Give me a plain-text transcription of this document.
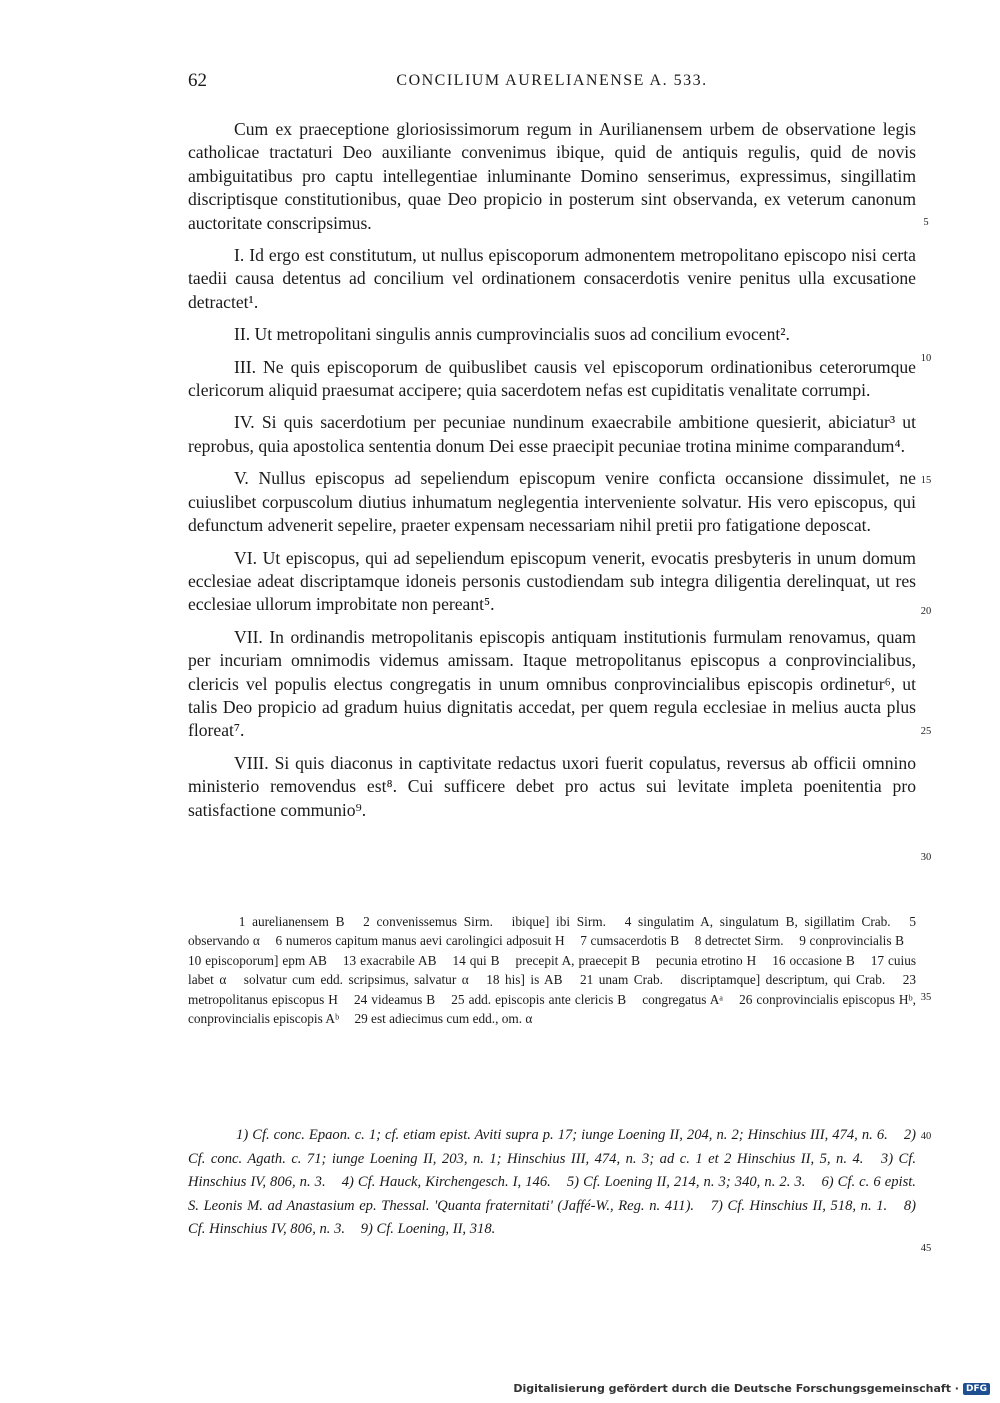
62	CONCILIUM AURELIANENSE A. 533.

Cum ex praeceptione gloriosissimorum regum in Aurilianensem urbem de observatione legis catholicae tractaturi Deo auxiliante convenimus ibique, quid de antiquis regulis, quid de novis ambiguitatibus pro captu intellegentiae inluminante Domino senserimus, expressimus, singillatim discriptisque constitutionibus, quae Deo propicio in posterum sint observanda, ex veterum canonum auctoritate conscripsimus.

I. Id ergo est constitutum, ut nullus episcoporum admonentem metropolitano episcopo nisi certa taedii causa detentus ad concilium vel ordinationem consacerdotis venire penitus ulla excusatione detractet¹.

II. Ut metropolitani singulis annis cumprovincialis suos ad concilium evocent².

III. Ne quis episcoporum de quibuslibet causis vel episcoporum ordinationibus ceterorumque clericorum aliquid praesumat accipere; quia sacerdotem nefas est cupiditatis venalitate corrumpi.

IV. Si quis sacerdotium per pecuniae nundinum exaecrabile ambitione quesierit, abiciatur³ ut reprobus, quia apostolica sententia donum Dei esse praecipit pecuniae trotina minime comparandum⁴.

V. Nullus episcopus ad sepeliendum episcopum venire conficta occansione dissimulet, ne cuiuslibet corpuscolum diutius inhumatum neglegentia interveniente solvatur. His vero episcopus, qui defunctum advenerit sepelire, praeter expensam necessariam nihil pretii pro fatigatione deposcat.

VI. Ut episcopus, qui ad sepeliendum episcopum venerit, evocatis presbyteris in unum domum ecclesiae adeat discriptamque idoneis personis custodiendam sub integra diligentia derelinquat, ut res ecclesiae ullorum improbitate non pereant⁵.

VII. In ordinandis metropolitanis episcopis antiquam institutionis furmulam renovamus, quam per incuriam omnimodis videmus amissam. Itaque metropolitanus episcopus a conprovincialibus, clericis vel populis electus congregatis in unum omnibus conprovincialibus episcopis ordinetur⁶, ut talis Deo propicio ad gradum huius dignitatis accedat, per quem regula ecclesiae in melius aucta plus floreat⁷.

VIII. Si quis diaconus in captivitate redactus uxori fuerit copulatus, reversus ab officii omnino ministerio removendus est⁸. Cui sufficere debet pro actus sui levitate impleta poenitentia pro satisfactione communio⁹.

5
10
15
20
25
30
35
40
45
1 aurelianensem B 2 convenissemus Sirm. ibique] ibi Sirm. 4 singulatim A, singulatum B, sigillatim Crab. 5 observando α 6 numeros capitum manus aevi carolingici adposuit H 7 cumsacerdotis B 8 detrectet Sirm. 9 conprovincialis B 10 episcoporum] epm AB 13 exacrabile AB 14 qui B precepit A, praecepit B pecunia etrotino H 16 occasione B 17 cuius labet α solvatur cum edd. scripsimus, salvatur α 18 his] is AB 21 unam Crab. discriptamque] descriptum, qui Crab. 23 metropolitanus episcopus H 24 videamus B 25 add. episcopis ante clericis B congregatus Aᵃ 26 conprovincialis episcopus Hᵇ, conprovincialis episcopis Aᵇ 29 est adiecimus cum edd., om. α
1) Cf. conc. Epaon. c. 1; cf. etiam epist. Aviti supra p. 17; iunge Loening II, 204, n. 2; Hinschius III, 474, n. 6. 2) Cf. conc. Agath. c. 71; iunge Loening II, 203, n. 1; Hinschius III, 474, n. 3; ad c. 1 et 2 Hinschius II, 5, n. 4. 3) Cf. Hinschius IV, 806, n. 3. 4) Cf. Hauck, Kirchengesch. I, 146. 5) Cf. Loening II, 214, n. 3; 340, n. 2. 3. 6) Cf. c. 6 epist. S. Leonis M. ad Anastasium ep. Thessal. 'Quanta fraternitati' (Jaffé-W., Reg. n. 411). 7) Cf. Hinschius II, 518, n. 1. 8) Cf. Hinschius IV, 806, n. 3. 9) Cf. Loening, II, 318.
Digitalisierung gefördert durch die Deutsche Forschungsgemeinschaft · DFG
